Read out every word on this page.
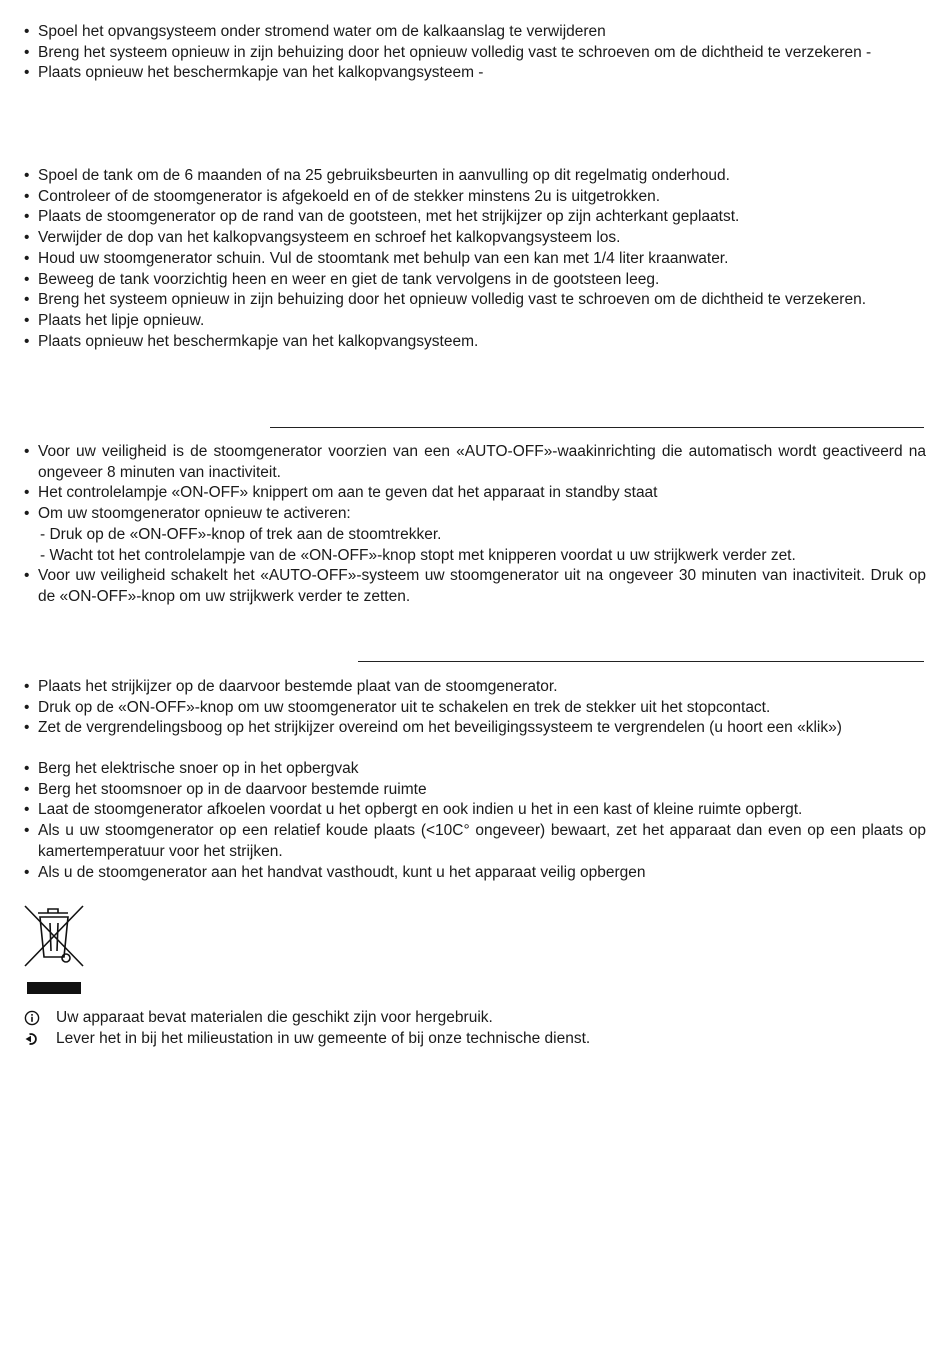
• Spoel het opvangsysteem onder stromend water om de kalkaanslag te verwijderen
• Breng het systeem opnieuw in zijn behuizing door het opnieuw volledig vast te schroeven om de dichtheid te verzekeren -
• Plaats opnieuw het beschermkapje van het kalkopvangsysteem -
• Spoel de tank om de 6 maanden of na 25 gebruiksbeurten in aanvulling op dit regelmatig onderhoud.
• Controleer of de stoomgenerator is afgekoeld en of de stekker minstens 2u is uitgetrokken.
• Plaats de stoomgenerator op de rand van de gootsteen, met het strijkijzer op zijn achterkant geplaatst.
• Verwijder de dop van het kalkopvangsysteem en schroef het kalkopvangsysteem los.
• Houd uw stoomgenerator schuin. Vul de stoomtank met behulp van een kan met 1/4 liter kraanwater.
• Beweeg de tank voorzichtig heen en weer en giet de tank vervolgens in de gootsteen leeg.
• Breng het systeem opnieuw in zijn behuizing door het opnieuw volledig vast te schroeven om de dichtheid te verzekeren.
• Plaats het lipje opnieuw.
• Plaats opnieuw het beschermkapje van het kalkopvangsysteem.
• Voor uw veiligheid is de stoomgenerator voorzien van een «AUTO-OFF»-waakinrichting die automatisch wordt geactiveerd na ongeveer 8 minuten van inactiviteit.
• Het controlelampje «ON-OFF» knippert om aan te geven dat het apparaat in standby staat
• Om uw stoomgenerator opnieuw te activeren:
- Druk op de «ON-OFF»-knop of trek aan de stoomtrekker.
- Wacht tot het controlelampje van de «ON-OFF»-knop stopt met knipperen voordat u uw strijkwerk verder zet.
• Voor uw veiligheid schakelt het «AUTO-OFF»-systeem uw stoomgenerator uit na ongeveer 30 minuten van inactiviteit. Druk op de «ON-OFF»-knop om uw strijkwerk verder te zetten.
• Plaats het strijkijzer op de daarvoor bestemde plaat van de stoomgenerator.
• Druk op de «ON-OFF»-knop om uw stoomgenerator uit te schakelen en trek de stekker uit het stopcontact.
• Zet de vergrendelingsboog op het strijkijzer overeind om het beveiligingssysteem te vergrendelen (u hoort een «klik»)
• Berg het elektrische snoer op in het opbergvak
• Berg het stoomsnoer op in de daarvoor bestemde ruimte
• Laat de stoomgenerator afkoelen voordat u het opbergt en ook indien u het in een kast of kleine ruimte opbergt.
• Als u uw stoomgenerator op een relatief koude plaats (<10C° ongeveer) bewaart, zet het apparaat dan even op een plaats op kamertemperatuur voor het strijken.
• Als u de stoomgenerator aan het handvat vasthoudt, kunt u het apparaat veilig opbergen
Uw apparaat bevat materialen die geschikt zijn voor hergebruik.
Lever het in bij het milieustation in uw gemeente of bij onze technische dienst.
